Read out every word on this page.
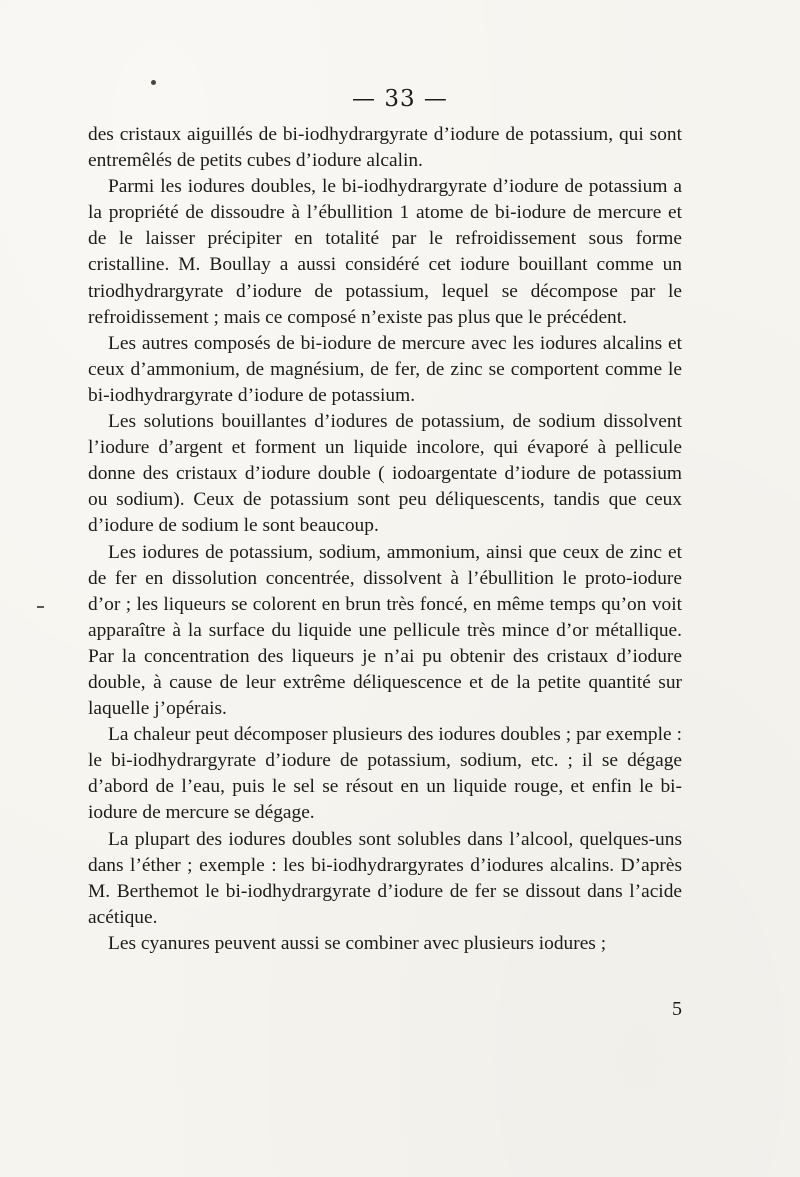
— 33 —

des cristaux aiguillés de bi-iodhydrargyrate d’iodure de potassium, qui sont entremêlés de petits cubes d’iodure alcalin.

Parmi les iodures doubles, le bi-iodhydrargyrate d’iodure de potassium a la propriété de dissoudre à l’ébullition 1 atome de bi-iodure de mercure et de le laisser précipiter en totalité par le refroidissement sous forme cristalline. M. Boullay a aussi considéré cet iodure bouillant comme un triodhydrargyrate d’iodure de potassium, lequel se décompose par le refroidissement ; mais ce composé n’existe pas plus que le précédent.

Les autres composés de bi-iodure de mercure avec les iodures alcalins et ceux d’ammonium, de magnésium, de fer, de zinc se comportent comme le bi-iodhydrargyrate d’iodure de potassium.

Les solutions bouillantes d’iodures de potassium, de sodium dissolvent l’iodure d’argent et forment un liquide incolore, qui évaporé à pellicule donne des cristaux d’iodure double ( iodoargentate d’iodure de potassium ou sodium). Ceux de potassium sont peu déliquescents, tandis que ceux d’iodure de sodium le sont beaucoup.

Les iodures de potassium, sodium, ammonium, ainsi que ceux de zinc et de fer en dissolution concentrée, dissolvent à l’ébullition le proto-iodure d’or ; les liqueurs se colorent en brun très foncé, en même temps qu’on voit apparaître à la surface du liquide une pellicule très mince d’or métallique. Par la concentration des liqueurs je n’ai pu obtenir des cristaux d’iodure double, à cause de leur extrême déliquescence et de la petite quantité sur laquelle j’opérais.

La chaleur peut décomposer plusieurs des iodures doubles ; par exemple : le bi-iodhydrargyrate d’iodure de potassium, sodium, etc. ; il se dégage d’abord de l’eau, puis le sel se résout en un liquide rouge, et enfin le bi-iodure de mercure se dégage.

La plupart des iodures doubles sont solubles dans l’alcool, quelques-uns dans l’éther ; exemple : les bi-iodhydrargyrates d’iodures alcalins. D’après M. Berthemot le bi-iodhydrargyrate d’iodure de fer se dissout dans l’acide acétique.

Les cyanures peuvent aussi se combiner avec plusieurs iodures ;

5
